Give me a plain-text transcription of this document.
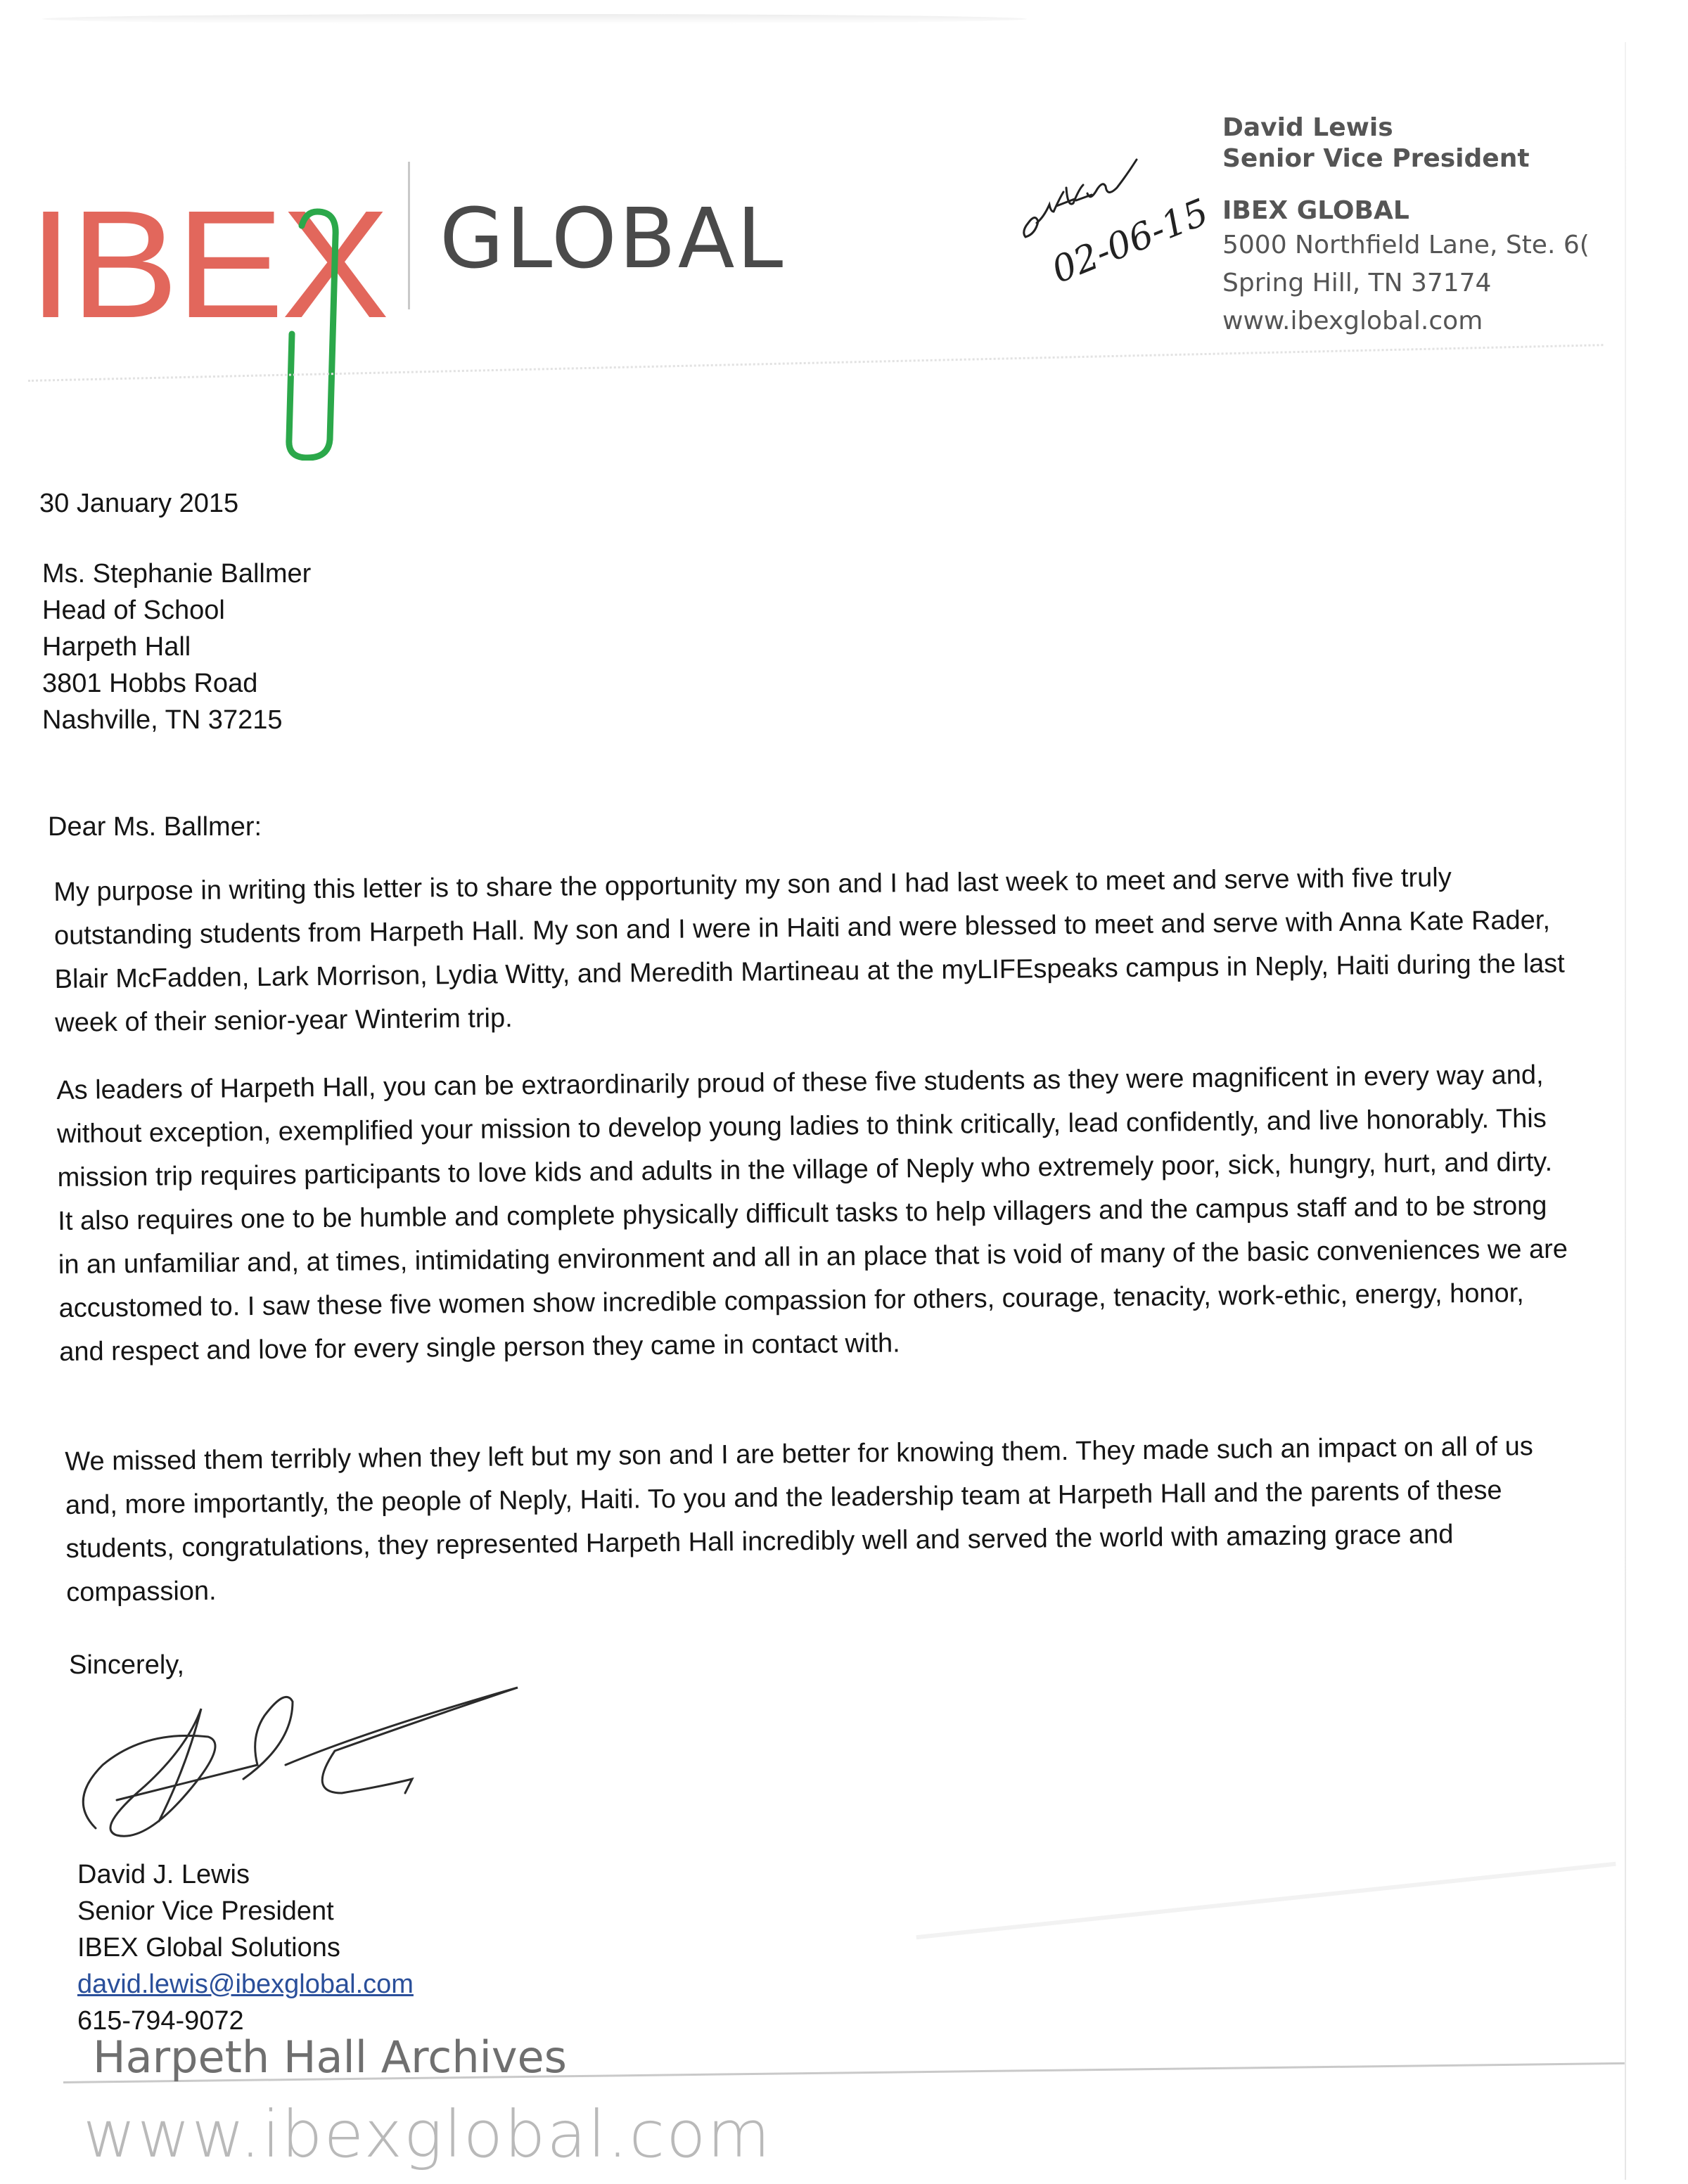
IBEX GLOBAL	02-06-15
David Lewis
Senior Vice President
IBEX GLOBAL
5000 Northfield Lane, Ste. 6(
Spring Hill, TN 37174
www.ibexglobal.com
30 January 2015
Ms. Stephanie Ballmer
Head of School
Harpeth Hall
3801 Hobbs Road
Nashville, TN 37215
Dear Ms. Ballmer:

My purpose in writing this letter is to share the opportunity my son and I had last week to meet and serve with five truly outstanding students from Harpeth Hall. My son and I were in Haiti and were blessed to meet and serve with Anna Kate Rader, Blair McFadden, Lark Morrison, Lydia Witty, and Meredith Martineau at the myLIFEspeaks campus in Neply, Haiti during the last week of their senior-year Winterim trip.

As leaders of Harpeth Hall, you can be extraordinarily proud of these five students as they were magnificent in every way and, without exception, exemplified your mission to develop young ladies to think critically, lead confidently, and live honorably. This mission trip requires participants to love kids and adults in the village of Neply who extremely poor, sick, hungry, hurt, and dirty. It also requires one to be humble and complete physically difficult tasks to help villagers and the campus staff and to be strong in an unfamiliar and, at times, intimidating environment and all in an place that is void of many of the basic conveniences we are accustomed to. I saw these five women show incredible compassion for others, courage, tenacity, work-ethic, energy, honor, and respect and love for every single person they came in contact with.

We missed them terribly when they left but my son and I are better for knowing them. They made such an impact on all of us and, more importantly, the people of Neply, Haiti. To you and the leadership team at Harpeth Hall and the parents of these students, congratulations, they represented Harpeth Hall incredibly well and served the world with amazing grace and compassion.

Sincerely,
David J. Lewis
Senior Vice President
IBEX Global Solutions
david.lewis@ibexglobal.com
615-794-9072
Harpeth Hall Archives
www.ibexglobal.com
